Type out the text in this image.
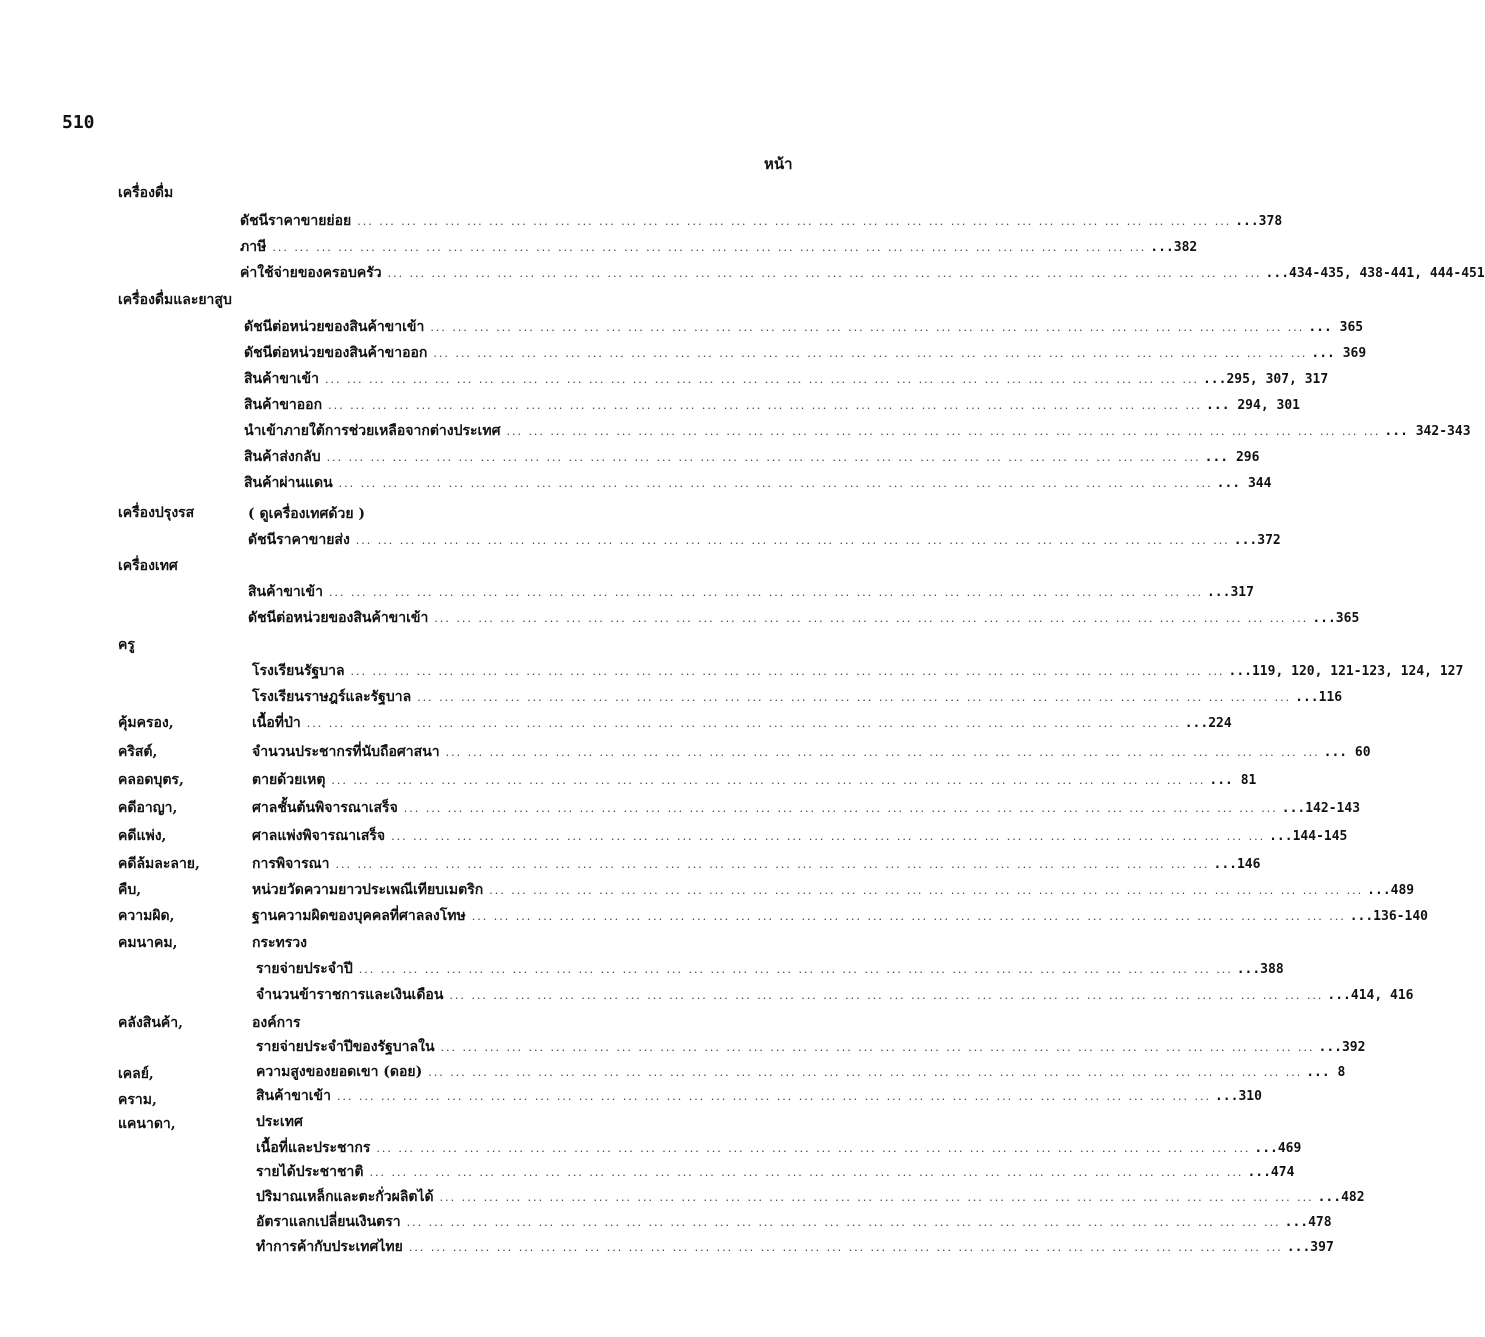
510
หน้า
เครื่องดื่ม
ดัชนีราคาขายย่อย ... ... ... ... ... ... ... ... ... ... ... ... ... ... ... ... ... ... ... ... ... ... ... ... ... ... ... ... ... ... ... ... ... ... ... ... ... ... ... ... ...378
ภาษี ... ... ... ... ... ... ... ... ... ... ... ... ... ... ... ... ... ... ... ... ... ... ... ... ... ... ... ... ... ... ... ... ... ... ... ... ... ... ... ... ...382
ค่าใช้จ่ายของครอบครัว ... ... ... ... ... ... ... ... ... ... ... ... ... ... ... ... ... ... ... ... ... ... ... ... ... ... ... ... ... ... ... ... ... ... ... ... ... ... ... ... ...434-435, 438-441, 444-451
เครื่องดื่มและยาสูบ
ดัชนีต่อหน่วยของสินค้าขาเข้า ... ... ... ... ... ... ... ... ... ... ... ... ... ... ... ... ... ... ... ... ... ... ... ... ... ... ... ... ... ... ... ... ... ... ... ... ... ... ... ... ... 365
ดัชนีต่อหน่วยของสินค้าขาออก ... ... ... ... ... ... ... ... ... ... ... ... ... ... ... ... ... ... ... ... ... ... ... ... ... ... ... ... ... ... ... ... ... ... ... ... ... ... ... ... ... 369
สินค้าขาเข้า ... ... ... ... ... ... ... ... ... ... ... ... ... ... ... ... ... ... ... ... ... ... ... ... ... ... ... ... ... ... ... ... ... ... ... ... ... ... ... ... ...295, 307, 317
สินค้าขาออก ... ... ... ... ... ... ... ... ... ... ... ... ... ... ... ... ... ... ... ... ... ... ... ... ... ... ... ... ... ... ... ... ... ... ... ... ... ... ... ... ... 294, 301
นำเข้าภายใต้การช่วยเหลือจากต่างประเทศ ... ... ... ... ... ... ... ... ... ... ... ... ... ... ... ... ... ... ... ... ... ... ... ... ... ... ... ... ... ... ... ... ... ... ... ... ... ... ... ... ... 342-343
สินค้าส่งกลับ ... ... ... ... ... ... ... ... ... ... ... ... ... ... ... ... ... ... ... ... ... ... ... ... ... ... ... ... ... ... ... ... ... ... ... ... ... ... ... ... ... 296
สินค้าผ่านแดน ... ... ... ... ... ... ... ... ... ... ... ... ... ... ... ... ... ... ... ... ... ... ... ... ... ... ... ... ... ... ... ... ... ... ... ... ... ... ... ... ... 344
เครื่องปรุงรส	( ดูเครื่องเทศด้วย )
ดัชนีราคาขายส่ง ... ... ... ... ... ... ... ... ... ... ... ... ... ... ... ... ... ... ... ... ... ... ... ... ... ... ... ... ... ... ... ... ... ... ... ... ... ... ... ... ...372
เครื่องเทศ
สินค้าขาเข้า ... ... ... ... ... ... ... ... ... ... ... ... ... ... ... ... ... ... ... ... ... ... ... ... ... ... ... ... ... ... ... ... ... ... ... ... ... ... ... ... ...317
ดัชนีต่อหน่วยของสินค้าขาเข้า ... ... ... ... ... ... ... ... ... ... ... ... ... ... ... ... ... ... ... ... ... ... ... ... ... ... ... ... ... ... ... ... ... ... ... ... ... ... ... ... ...365
ครู
โรงเรียนรัฐบาล ... ... ... ... ... ... ... ... ... ... ... ... ... ... ... ... ... ... ... ... ... ... ... ... ... ... ... ... ... ... ... ... ... ... ... ... ... ... ... ... ...119, 120, 121-123, 124, 127
โรงเรียนราษฎร์และรัฐบาล ... ... ... ... ... ... ... ... ... ... ... ... ... ... ... ... ... ... ... ... ... ... ... ... ... ... ... ... ... ... ... ... ... ... ... ... ... ... ... ... ...116
คุ้มครอง,	เนื้อที่ป่า ... ... ... ... ... ... ... ... ... ... ... ... ... ... ... ... ... ... ... ... ... ... ... ... ... ... ... ... ... ... ... ... ... ... ... ... ... ... ... ... ...224
คริสต์,	จำนวนประชากรที่นับถือศาสนา ... ... ... ... ... ... ... ... ... ... ... ... ... ... ... ... ... ... ... ... ... ... ... ... ... ... ... ... ... ... ... ... ... ... ... ... ... ... ... ... ... 60
คลอดบุตร,	ตายด้วยเหตุ ... ... ... ... ... ... ... ... ... ... ... ... ... ... ... ... ... ... ... ... ... ... ... ... ... ... ... ... ... ... ... ... ... ... ... ... ... ... ... ... ... 81
คดีอาญา,	ศาลชั้นต้นพิจารณาเสร็จ ... ... ... ... ... ... ... ... ... ... ... ... ... ... ... ... ... ... ... ... ... ... ... ... ... ... ... ... ... ... ... ... ... ... ... ... ... ... ... ... ...142-143
คดีแพ่ง,	ศาลแพ่งพิจารณาเสร็จ ... ... ... ... ... ... ... ... ... ... ... ... ... ... ... ... ... ... ... ... ... ... ... ... ... ... ... ... ... ... ... ... ... ... ... ... ... ... ... ... ...144-145
คดีล้มละลาย,	การพิจารณา ... ... ... ... ... ... ... ... ... ... ... ... ... ... ... ... ... ... ... ... ... ... ... ... ... ... ... ... ... ... ... ... ... ... ... ... ... ... ... ... ...146
คืบ,	หน่วยวัดความยาวประเพณีเทียบเมตริก ... ... ... ... ... ... ... ... ... ... ... ... ... ... ... ... ... ... ... ... ... ... ... ... ... ... ... ... ... ... ... ... ... ... ... ... ... ... ... ... ...489
ความผิด,	ฐานความผิดของบุคคลที่ศาลลงโทษ ... ... ... ... ... ... ... ... ... ... ... ... ... ... ... ... ... ... ... ... ... ... ... ... ... ... ... ... ... ... ... ... ... ... ... ... ... ... ... ... ...136-140
คมนาคม,	กระทรวง
รายจ่ายประจำปี ... ... ... ... ... ... ... ... ... ... ... ... ... ... ... ... ... ... ... ... ... ... ... ... ... ... ... ... ... ... ... ... ... ... ... ... ... ... ... ... ...388
จำนวนข้าราชการและเงินเดือน ... ... ... ... ... ... ... ... ... ... ... ... ... ... ... ... ... ... ... ... ... ... ... ... ... ... ... ... ... ... ... ... ... ... ... ... ... ... ... ... ...414, 416
คลังสินค้า,	องค์การ
รายจ่ายประจำปีของรัฐบาลใน ... ... ... ... ... ... ... ... ... ... ... ... ... ... ... ... ... ... ... ... ... ... ... ... ... ... ... ... ... ... ... ... ... ... ... ... ... ... ... ... ...392
เคลย์,	ความสูงของยอดเขา (ดอย) ... ... ... ... ... ... ... ... ... ... ... ... ... ... ... ... ... ... ... ... ... ... ... ... ... ... ... ... ... ... ... ... ... ... ... ... ... ... ... ... ... 8
คราม,	สินค้าขาเข้า ... ... ... ... ... ... ... ... ... ... ... ... ... ... ... ... ... ... ... ... ... ... ... ... ... ... ... ... ... ... ... ... ... ... ... ... ... ... ... ... ...310
แคนาดา,	ประเทศ
เนื้อที่และประชากร ... ... ... ... ... ... ... ... ... ... ... ... ... ... ... ... ... ... ... ... ... ... ... ... ... ... ... ... ... ... ... ... ... ... ... ... ... ... ... ... ...469
รายได้ประชาชาติ ... ... ... ... ... ... ... ... ... ... ... ... ... ... ... ... ... ... ... ... ... ... ... ... ... ... ... ... ... ... ... ... ... ... ... ... ... ... ... ... ...474
ปริมาณเหล็กและตะกั่วผลิตได้ ... ... ... ... ... ... ... ... ... ... ... ... ... ... ... ... ... ... ... ... ... ... ... ... ... ... ... ... ... ... ... ... ... ... ... ... ... ... ... ... ...482
อัตราแลกเปลี่ยนเงินตรา ... ... ... ... ... ... ... ... ... ... ... ... ... ... ... ... ... ... ... ... ... ... ... ... ... ... ... ... ... ... ... ... ... ... ... ... ... ... ... ... ...478
ทำการค้ากับประเทศไทย ... ... ... ... ... ... ... ... ... ... ... ... ... ... ... ... ... ... ... ... ... ... ... ... ... ... ... ... ... ... ... ... ... ... ... ... ... ... ... ... ...397
